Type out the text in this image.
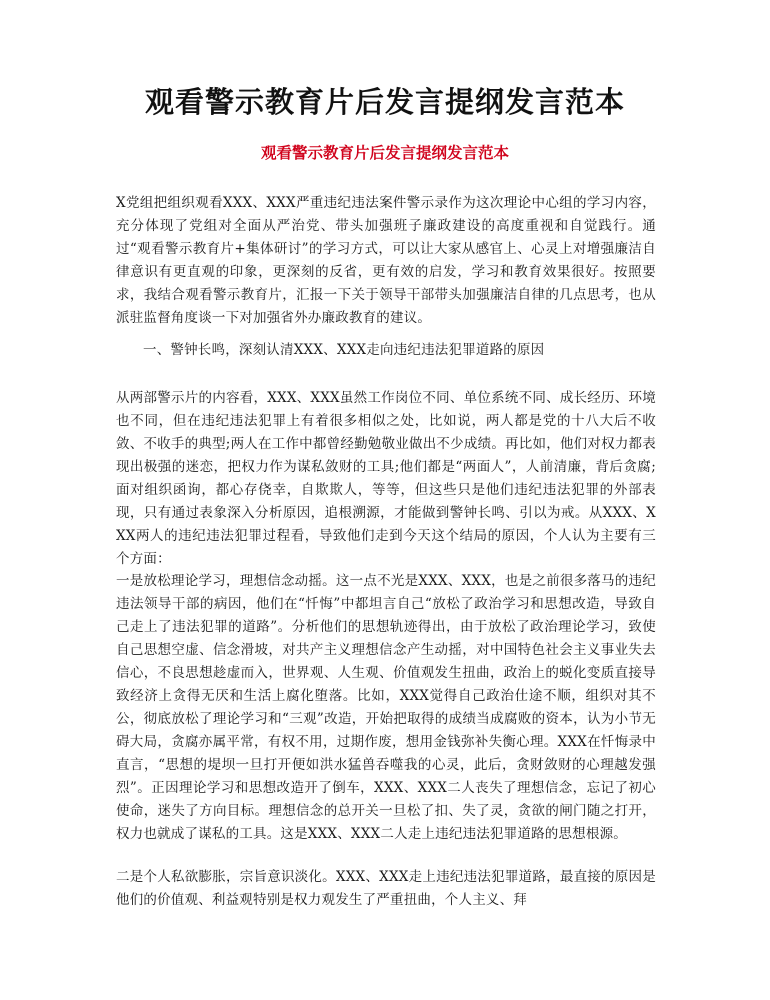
观看警示教育片后发言提纲发言范本
观看警示教育片后发言提纲发言范本

X党组把组织观看XXX、XXX严重违纪违法案件警示录作为这次理论中心组的学习内容，充分体现了党组对全面从严治党、带头加强班子廉政建设的高度重视和自觉践行。通过“观看警示教育片+集体研讨”的学习方式，可以让大家从感官上、心灵上对增强廉洁自律意识有更直观的印象，更深刻的反省，更有效的启发，学习和教育效果很好。按照要求，我结合观看警示教育片，汇报一下关于领导干部带头加强廉洁自律的几点思考，也从派驻监督角度谈一下对加强省外办廉政教育的建议。

一、警钟长鸣，深刻认清XXX、XXX走向违纪违法犯罪道路的原因

从两部警示片的内容看，XXX、XXX虽然工作岗位不同、单位系统不同、成长经历、环境也不同，但在违纪违法犯罪上有着很多相似之处，比如说，两人都是党的十八大后不收敛、不收手的典型;两人在工作中都曾经勤勉敬业做出不少成绩。再比如，他们对权力都表现出极强的迷恋，把权力作为谋私敛财的工具;他们都是“两面人”，人前清廉，背后贪腐;面对组织函询，都心存侥幸，自欺欺人，等等，但这些只是他们违纪违法犯罪的外部表现，只有通过表象深入分析原因，追根溯源，才能做到警钟长鸣、引以为戒。从XXX、XXX两人的违纪违法犯罪过程看，导致他们走到今天这个结局的原因，个人认为主要有三个方面：

一是放松理论学习，理想信念动摇。这一点不光是XXX、XXX，也是之前很多落马的违纪违法领导干部的病因，他们在“忏悔”中都坦言自己“放松了政治学习和思想改造，导致自己走上了违法犯罪的道路”。分析他们的思想轨迹得出，由于放松了政治理论学习，致使自己思想空虚、信念滑坡，对共产主义理想信念产生动摇，对中国特色社会主义事业失去信心，不良思想趁虚而入，世界观、人生观、价值观发生扭曲，政治上的蜕化变质直接导致经济上贪得无厌和生活上腐化堕落。比如，XXX觉得自己政治仕途不顺，组织对其不公，彻底放松了理论学习和“三观”改造，开始把取得的成绩当成腐败的资本，认为小节无碍大局，贪腐亦属平常，有权不用，过期作废，想用金钱弥补失衡心理。XXX在忏悔录中直言，“思想的堤坝一旦打开便如洪水猛兽吞噬我的心灵，此后，贪财敛财的心理越发强烈”。正因理论学习和思想改造开了倒车，XXX、XXX二人丧失了理想信念，忘记了初心使命，迷失了方向目标。理想信念的总开关一旦松了扣、失了灵，贪欲的闸门随之打开，权力也就成了谋私的工具。这是XXX、XXX二人走上违纪违法犯罪道路的思想根源。

二是个人私欲膨胀，宗旨意识淡化。XXX、XXX走上违纪违法犯罪道路，最直接的原因是他们的价值观、利益观特别是权力观发生了严重扭曲，个人主义、拜
